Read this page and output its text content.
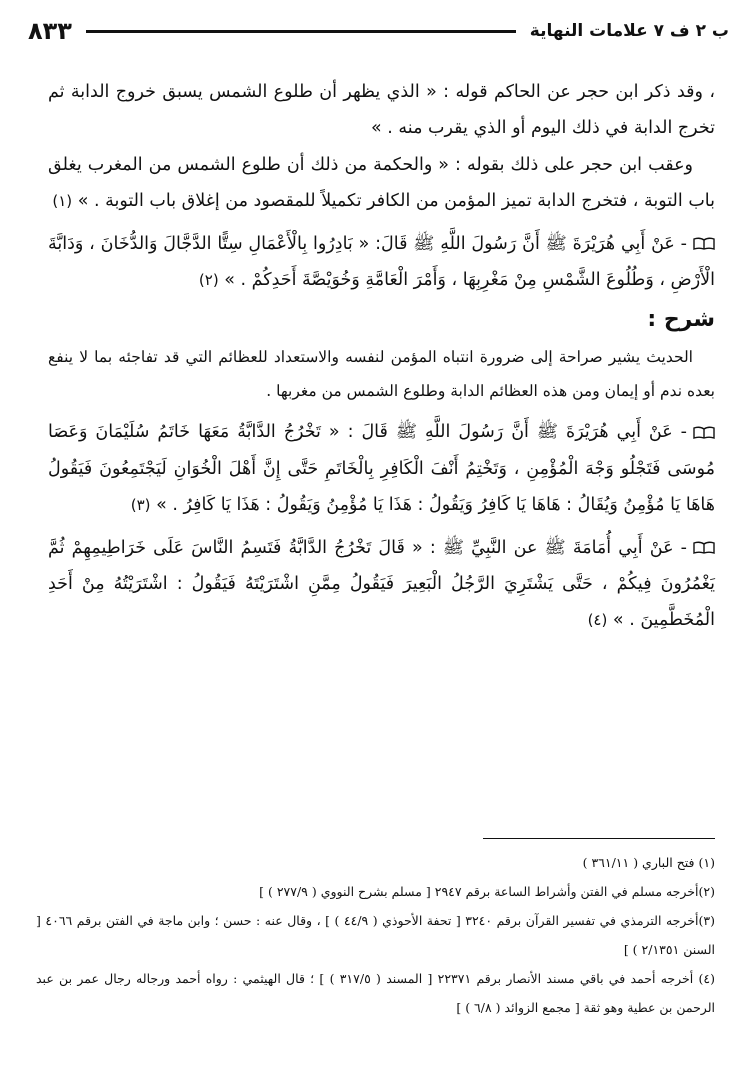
ب ٢ ف ٧ علامات النهاية
٨٣٣

، وقد ذكر ابن حجر عن الحاكم قوله : « الذي يظهر أن طلوع الشمس يسبق خروج الدابة ثم تخرج الدابة في ذلك اليوم أو الذي يقرب منه . »

وعقب ابن حجر على ذلك بقوله : « والحكمة من ذلك أن طلوع الشمس من المغرب يغلق باب التوبة ، فتخرج الدابة تميز المؤمن من الكافر تكميلاً للمقصود من إغلاق باب التوبة . » (١)

- عَنْ أَبِي هُرَيْرَةَ ﷺ أَنَّ رَسُولَ اللَّهِ ﷺ قَالَ: « بَادِرُوا بِالْأَعْمَالِ سِتًّا الدَّجَّالَ وَالدُّخَانَ ، وَدَابَّةَ الْأَرْضِ ، وَطُلُوعَ الشَّمْسِ مِنْ مَغْرِبِهَا ، وَأَمْرَ الْعَامَّةِ وَخُوَيْصَّةَ أَحَدِكُمْ . » (٢)

شرح :

الحديث يشير صراحة إلى ضرورة انتباه المؤمن لنفسه والاستعداد للعظائم التي قد تفاجئه بما لا ينفع بعده ندم أو إيمان ومن هذه العظائم الدابة وطلوع الشمس من مغربها .

- عَنْ أَبِي هُرَيْرَةَ ﷺ أَنَّ رَسُولَ اللَّهِ ﷺ قَالَ : « تَخْرُجُ الدَّابَّةُ مَعَهَا خَاتَمُ سُلَيْمَانَ وَعَصَا مُوسَى فَتَجْلُو وَجْهَ الْمُؤْمِنِ ، وَتَخْتِمُ أَنْفَ الْكَافِرِ بِالْخَاتَمِ حَتَّى إِنَّ أَهْلَ الْخُوَانِ لَيَجْتَمِعُونَ فَيَقُولُ هَاهَا يَا مُؤْمِنُ وَيُقَالُ : هَاهَا يَا كَافِرُ وَيَقُولُ : هَذَا يَا مُؤْمِنُ وَيَقُولُ : هَذَا يَا كَافِرُ . » (٣)

- عَنْ أَبِي أُمَامَةَ ﷺ عن النَّبِيِّ ﷺ : « قَالَ تَخْرُجُ الدَّابَّةُ فَتَسِمُ النَّاسَ عَلَى خَرَاطِيمِهِمْ ثُمَّ يَغْمُرُونَ فِيكُمْ ، حَتَّى يَشْتَرِيَ الرَّجُلُ الْبَعِيرَ فَيَقُولُ مِمَّنِ اشْتَرَيْتَهُ فَيَقُولُ : اشْتَرَيْتُهُ مِنْ أَحَدِ الْمُخَطَّمِينَ . » (٤)

(١) فتح الباري ( ٣٦١/١١ )

(٢)أخرجه مسلم في الفتن وأشراط الساعة برقم ٢٩٤٧ [ مسلم بشرح النووي ( ٢٧٧/٩ ) ]

(٣)أخرجه الترمذي في تفسير القرآن برقم ٣٢٤٠ [ تحفة الأحوذي ( ٤٤/٩ ) ] ، وقال عنه : حسن ؛ وابن ماجة في الفتن برقم ٤٠٦٦ [ السنن ٢/١٣٥١ ) ]

(٤) أخرجه أحمد في باقي مسند الأنصار برقم ٢٢٣٧١ [ المسند ( ٣١٧/٥ ) ] ؛ قال الهيثمي : رواه أحمد ورجاله رجال عمر بن عبد الرحمن بن عطية وهو ثقة [ مجمع الزوائد ( ٦/٨ ) ]
